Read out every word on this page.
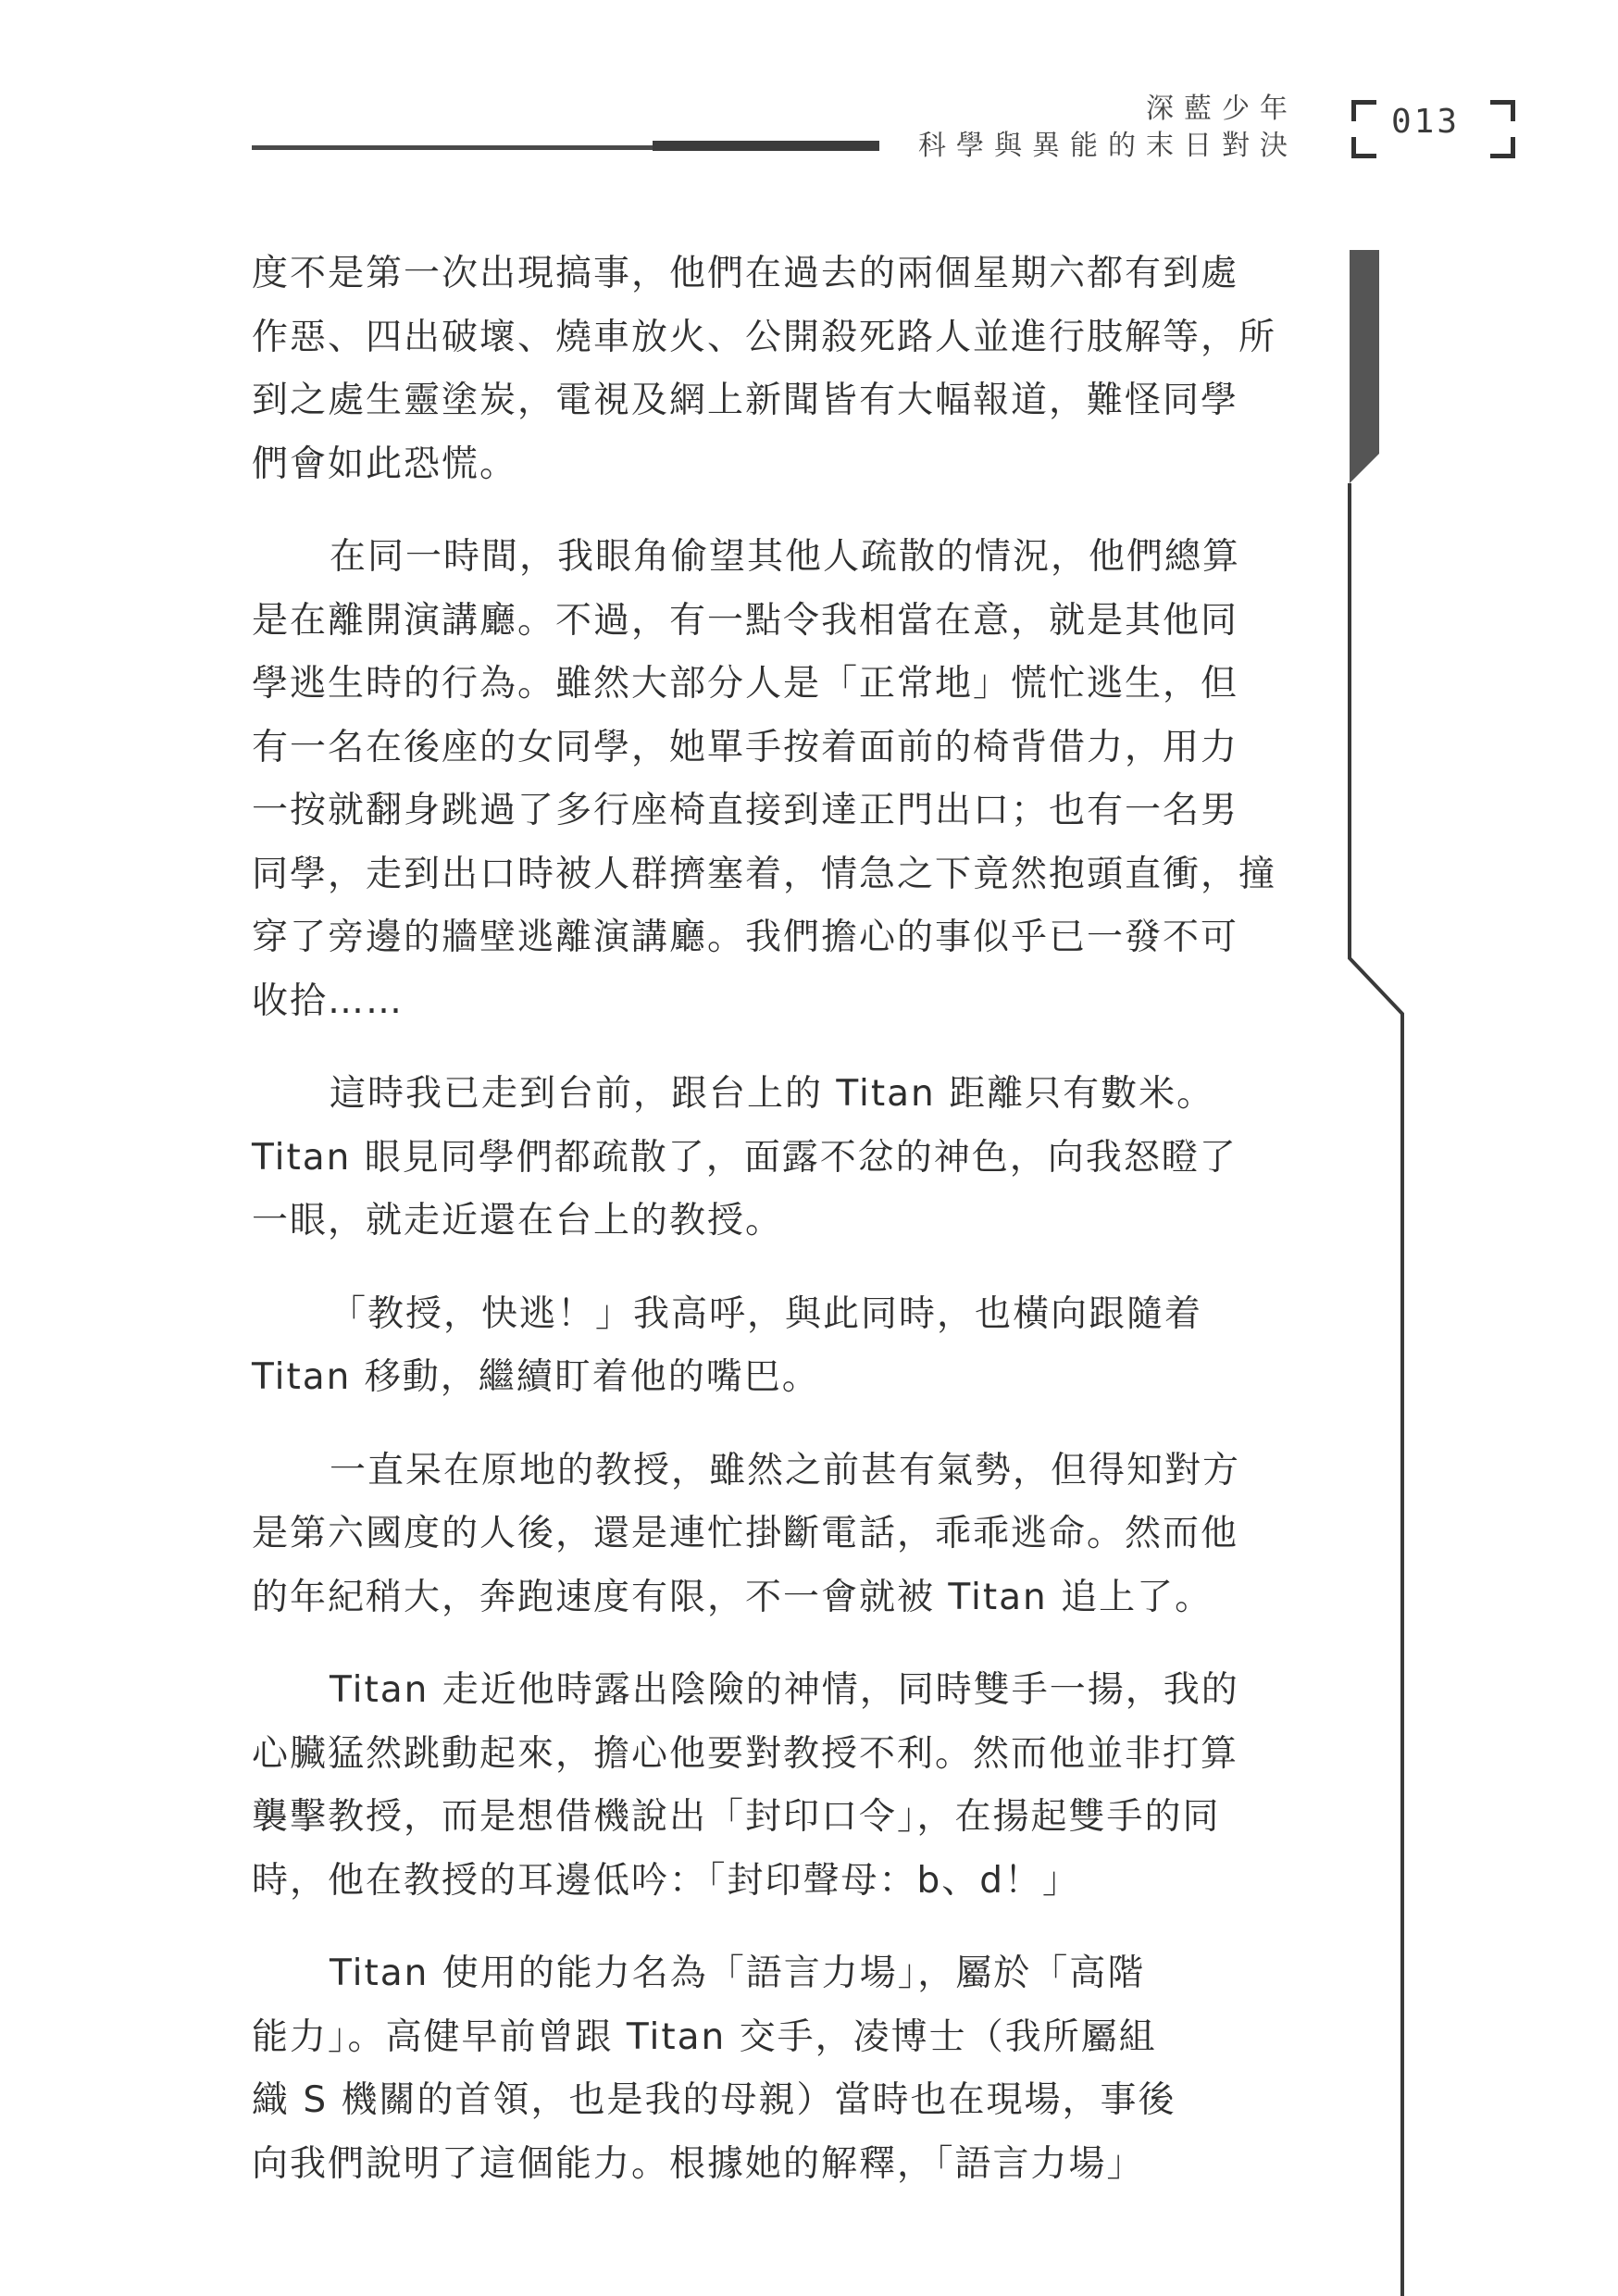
深藍少年
科學與異能的末日對決
013

度不是第一次出現搞事，他們在過去的兩個星期六都有到處
作惡、四出破壞、燒車放火、公開殺死路人並進行肢解等，所
到之處生靈塗炭，電視及網上新聞皆有大幅報道，難怪同學
們會如此恐慌。

在同一時間，我眼角偷望其他人疏散的情況，他們總算
是在離開演講廳。不過，有一點令我相當在意，就是其他同
學逃生時的行為。雖然大部分人是「正常地」慌忙逃生，但
有一名在後座的女同學，她單手按着面前的椅背借力，用力
一按就翻身跳過了多行座椅直接到達正門出口；也有一名男
同學，走到出口時被人群擠塞着，情急之下竟然抱頭直衝，撞
穿了旁邊的牆壁逃離演講廳。我們擔心的事似乎已一發不可
收拾……

這時我已走到台前，跟台上的 Titan 距離只有數米。
Titan 眼見同學們都疏散了，面露不忿的神色，向我怒瞪了
一眼，就走近還在台上的教授。

「教授，快逃！」我高呼，與此同時，也橫向跟隨着
Titan 移動，繼續盯着他的嘴巴。

一直呆在原地的教授，雖然之前甚有氣勢，但得知對方
是第六國度的人後，還是連忙掛斷電話，乖乖逃命。然而他
的年紀稍大，奔跑速度有限，不一會就被 Titan 追上了。

Titan 走近他時露出陰險的神情，同時雙手一揚，我的
心臟猛然跳動起來，擔心他要對教授不利。然而他並非打算
襲擊教授，而是想借機說出「封印口令」，在揚起雙手的同
時，他在教授的耳邊低吟：「封印聲母：b、d！」

Titan 使用的能力名為「語言力場」，屬於「高階
能力」。高健早前曾跟 Titan 交手，凌博士（我所屬組
織 S 機關的首領，也是我的母親）當時也在現場，事後
向我們說明了這個能力。根據她的解釋，「語言力場」
